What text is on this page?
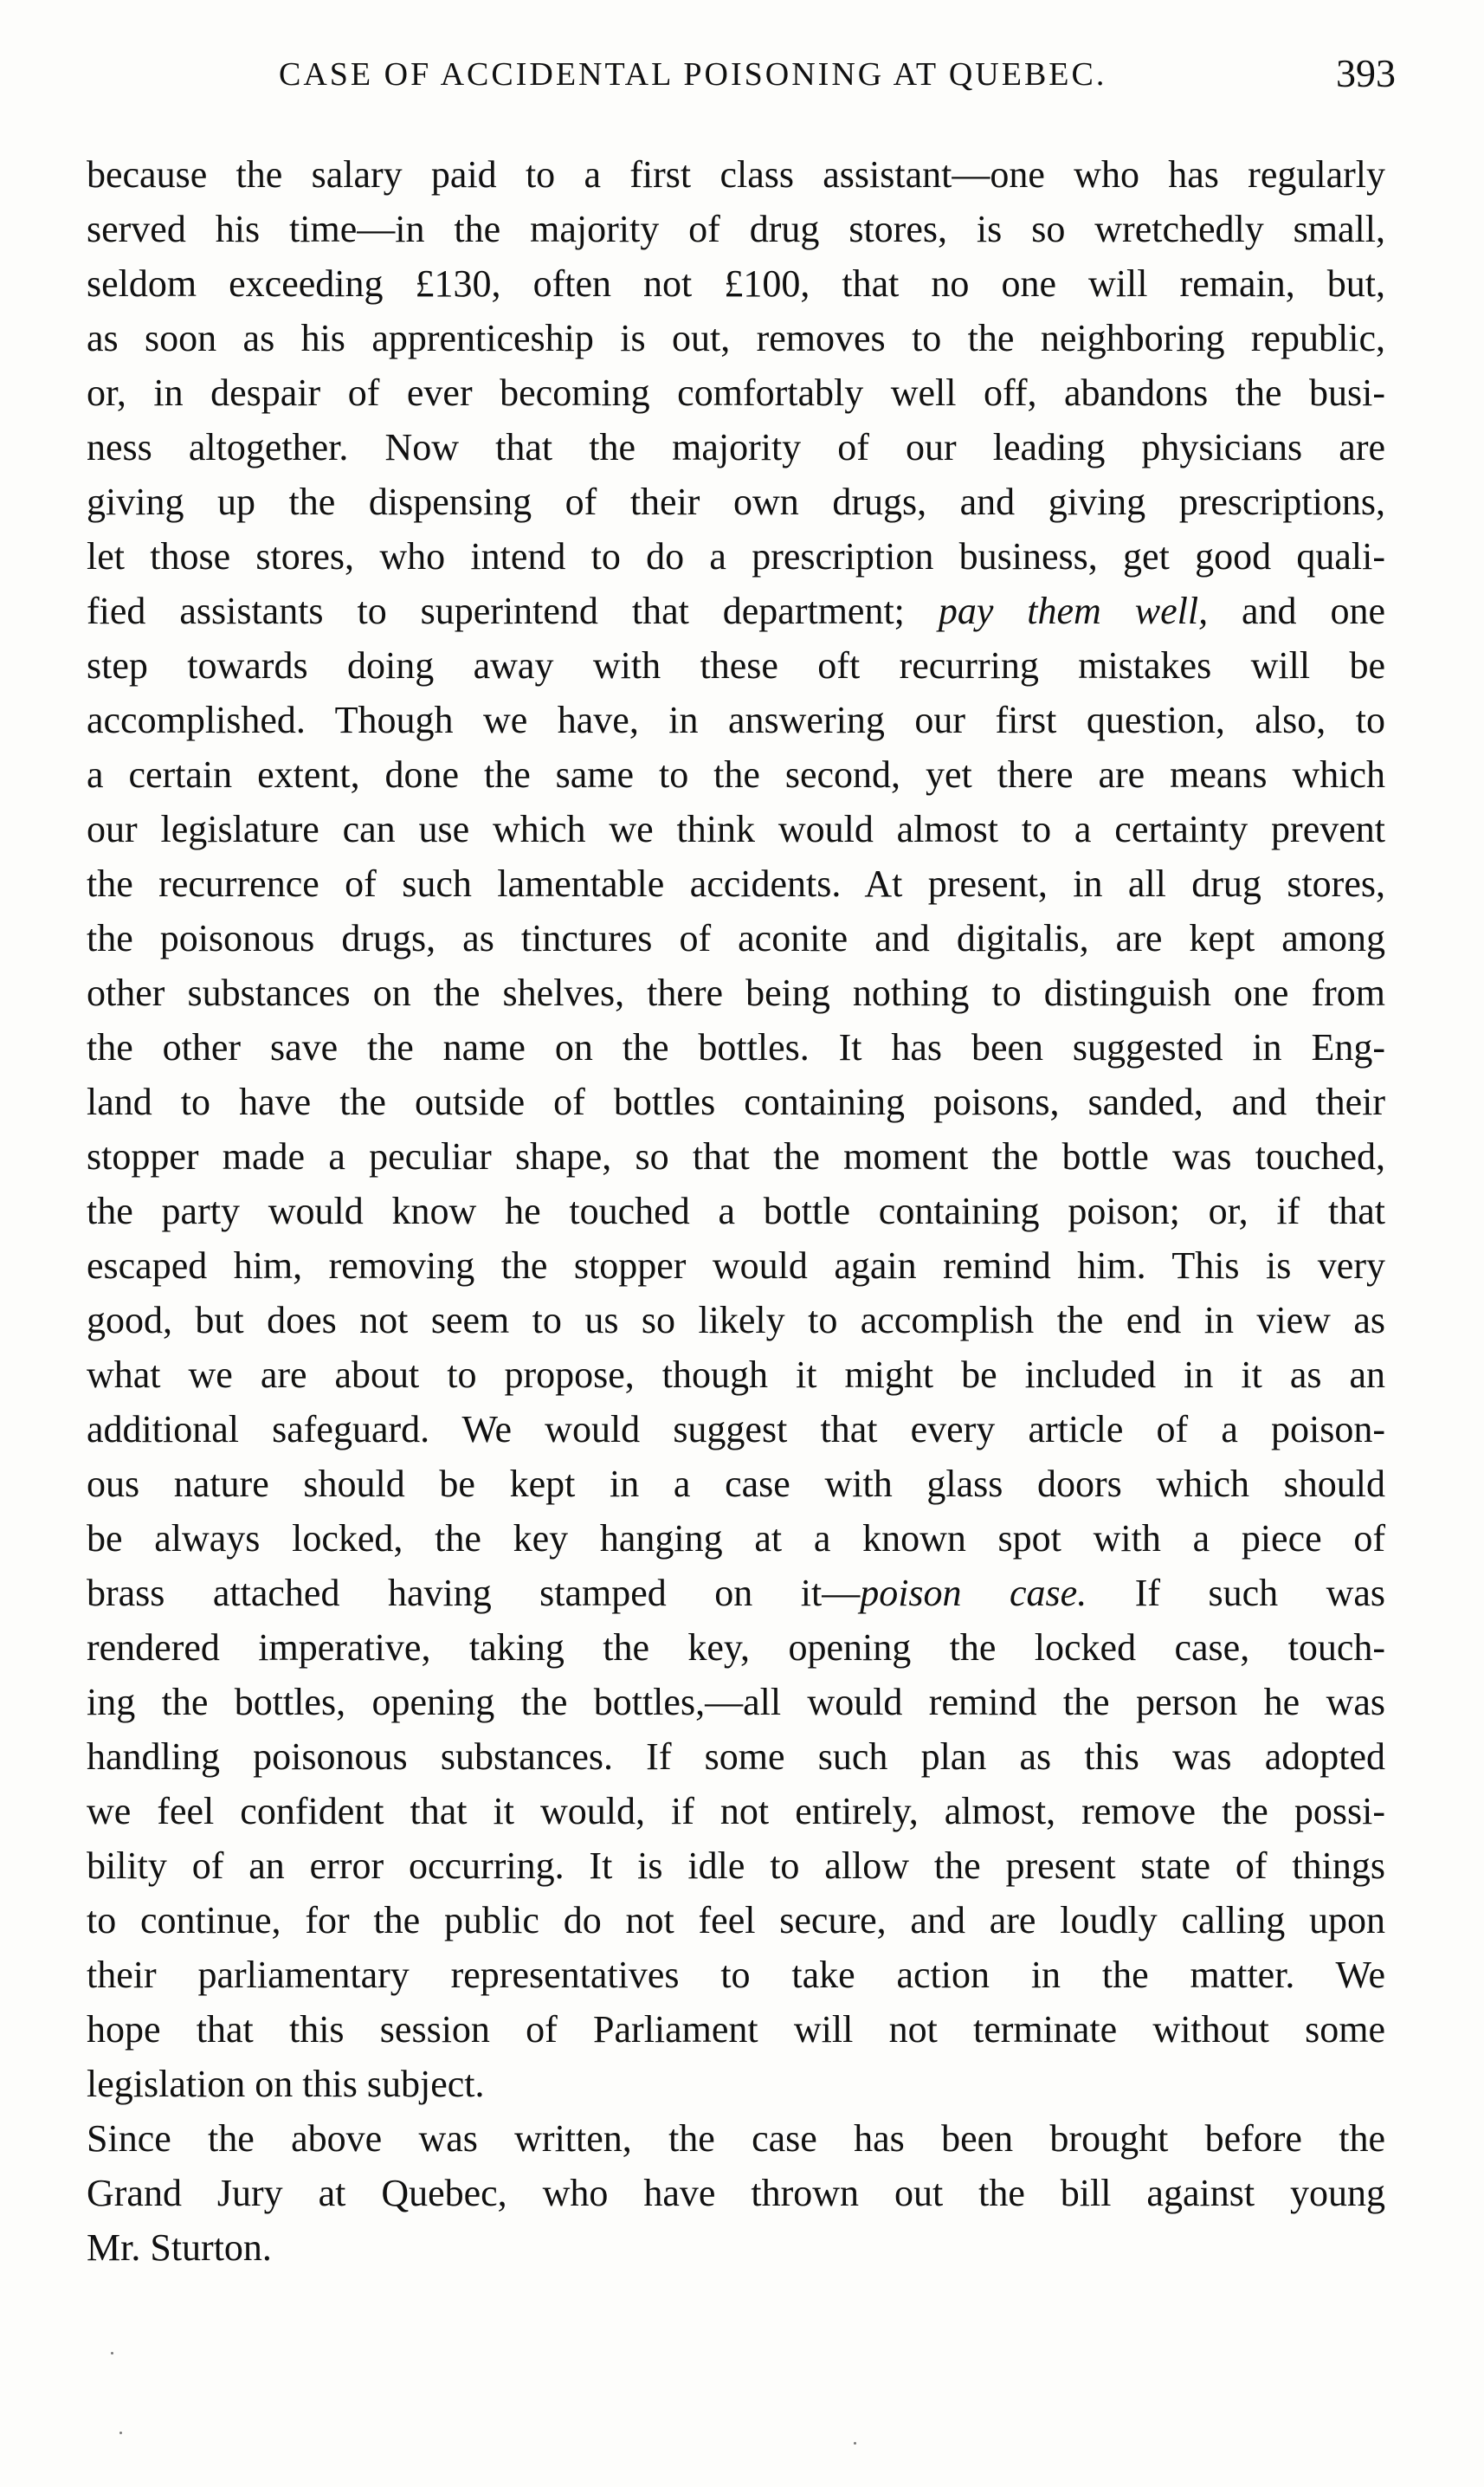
CASE OF ACCIDENTAL POISONING AT QUEBEC.	393
because the salary paid to a first class assistant—one who has regularly
served his time—in the majority of drug stores, is so wretchedly small,
seldom exceeding £130, often not £100, that no one will remain, but,
as soon as his apprenticeship is out, removes to the neighboring republic,
or, in despair of ever becoming comfortably well off, abandons the busi-
ness altogether. Now that the majority of our leading physicians are
giving up the dispensing of their own drugs, and giving prescriptions,
let those stores, who intend to do a prescription business, get good quali-
fied assistants to superintend that department; pay them well, and one
step towards doing away with these oft recurring mistakes will be
accomplished. Though we have, in answering our first question, also, to
a certain extent, done the same to the second, yet there are means which
our legislature can use which we think would almost to a certainty prevent
the recurrence of such lamentable accidents. At present, in all drug stores,
the poisonous drugs, as tinctures of aconite and digitalis, are kept among
other substances on the shelves, there being nothing to distinguish one from
the other save the name on the bottles. It has been suggested in Eng-
land to have the outside of bottles containing poisons, sanded, and their
stopper made a peculiar shape, so that the moment the bottle was touched,
the party would know he touched a bottle containing poison; or, if that
escaped him, removing the stopper would again remind him. This is very
good, but does not seem to us so likely to accomplish the end in view as
what we are about to propose, though it might be included in it as an
additional safeguard. We would suggest that every article of a poison-
ous nature should be kept in a case with glass doors which should
be always locked, the key hanging at a known spot with a piece of
brass attached having stamped on it—poison case. If such was
rendered imperative, taking the key, opening the locked case, touch-
ing the bottles, opening the bottles,—all would remind the person he was
handling poisonous substances. If some such plan as this was adopted
we feel confident that it would, if not entirely, almost, remove the possi-
bility of an error occurring. It is idle to allow the present state of things
to continue, for the public do not feel secure, and are loudly calling upon
their parliamentary representatives to take action in the matter. We
hope that this session of Parliament will not terminate without some
legislation on this subject.
Since the above was written, the case has been brought before the
Grand Jury at Quebec, who have thrown out the bill against young
Mr. Sturton.
